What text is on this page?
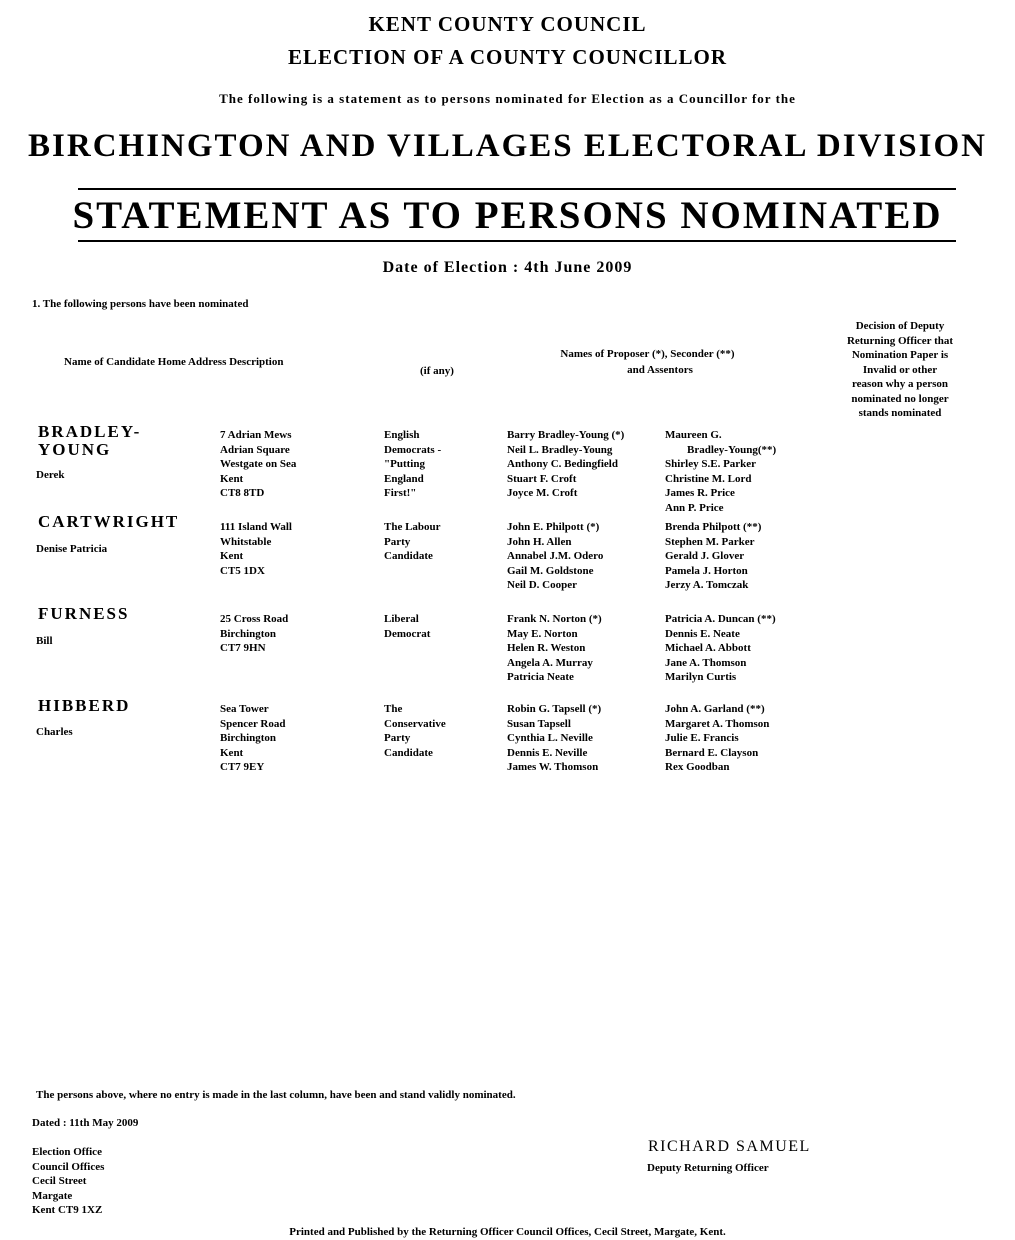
KENT COUNTY COUNCIL
ELECTION OF A COUNTY COUNCILLOR
The following is a statement as to persons nominated for Election as a Councillor for the
BIRCHINGTON AND VILLAGES ELECTORAL DIVISION
STATEMENT AS TO PERSONS NOMINATED
Date of Election : 4th June 2009
1. The following persons have been nominated
Name of Candidate Home Address Description
(if any)
Names of Proposer (*), Seconder (**)
and Assentors
Decision of Deputy
Returning Officer that
Nomination Paper is
Invalid or other
reason why a person
nominated no longer
stands nominated
BRADLEY-
YOUNG
Derek
7 Adrian Mews
Adrian Square
Westgate on Sea
Kent
CT8 8TD
English
Democrats -
"Putting
England
First!"
Barry Bradley-Young (*)
Neil L. Bradley-Young
Anthony C. Bedingfield
Stuart F. Croft
Joyce M. Croft
Maureen G.
Bradley-Young(**)
Shirley S.E. Parker
Christine M. Lord
James R. Price
Ann P. Price
CARTWRIGHT
Denise Patricia
111 Island Wall
Whitstable
Kent
CT5 1DX
The Labour
Party
Candidate
John E. Philpott (*)
John H. Allen
Annabel J.M. Odero
Gail M. Goldstone
Neil D. Cooper
Brenda Philpott (**)
Stephen M. Parker
Gerald J. Glover
Pamela J. Horton
Jerzy A. Tomczak
FURNESS
Bill
25 Cross Road
Birchington
CT7 9HN
Liberal
Democrat
Frank N. Norton (*)
May E. Norton
Helen R. Weston
Angela A. Murray
Patricia Neate
Patricia A. Duncan (**)
Dennis E. Neate
Michael A. Abbott
Jane A. Thomson
Marilyn Curtis
HIBBERD
Charles
Sea Tower
Spencer Road
Birchington
Kent
CT7 9EY
The
Conservative
Party
Candidate
Robin G. Tapsell (*)
Susan Tapsell
Cynthia L. Neville
Dennis E. Neville
James W. Thomson
John A. Garland (**)
Margaret A. Thomson
Julie E. Francis
Bernard E. Clayson
Rex Goodban
The persons above, where no entry is made in the last column, have been and stand validly nominated.
Dated : 11th May 2009
Election Office
Council Offices
Cecil Street
Margate
Kent CT9 1XZ
RICHARD SAMUEL
Deputy Returning Officer
Printed and Published by the Returning Officer Council Offices, Cecil Street, Margate, Kent.
